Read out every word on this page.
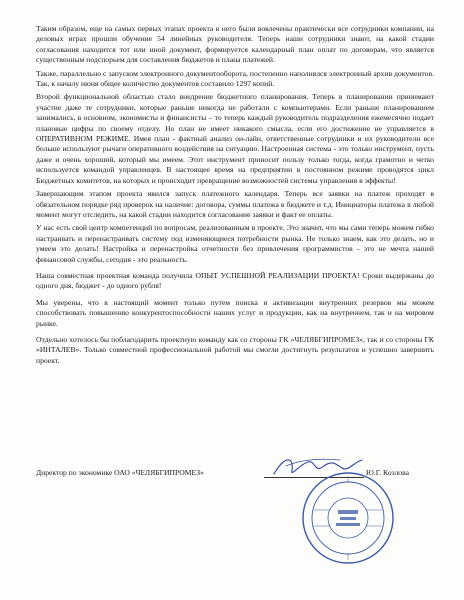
Таким образом, еще на самых первых этапах проекта в него были вовлечены практически все сотрудники компании, на деловых играх прошли обучение 54 линейных руководителя. Теперь наши сотрудники знают, на какой стадии согласования находится тот или иной документ, формируется календарный план оплат по договорам, что является существенным подспорьем для составления бюджетов и плана платежей.

Также, параллельно с запуском электронного документооборота, постепенно наполнялся электронный архив документов. Так, к началу июня общее количество документов составило 1297 копий.

Второй функциональной областью стало внедрение бюджетного планирования. Теперь в планировании принимают участие даже те сотрудники, которые раньше никогда не работали с компьютерами. Если раньше планированием занимались, в основном, экономисты и финансисты – то теперь каждый руководитель подразделения ежемесячно подает плановые цифры по своему отделу. Но план не имеет никакого смысла, если его достижение не управляется в ОПЕРАТИВНОМ РЕЖИМЕ. Имея план - фактный анализ он-лайн, ответственные сотрудники и их руководители все больше используют рычаги оперативного воздействия на ситуацию. Настроенная система - это только инструмент, пусть даже и очень хороший, который мы имеем. Этот инструмент приносит пользу только тогда, когда грамотно и четко используется командой управленцев. В настоящее время на предприятии в постоянном режиме проводятся цикл Бюджетных комитетов, на которых и происходит превращение возможностей системы управления в эффекты!

Завершающим этапом проекта явился запуск платежного календаря. Теперь все заявки на платеж проходят в обязательном порядке ряд проверок на наличие: договора, суммы платежа в бюджете и т.д. Инициаторы платежа в любой момент могут отследить, на какой стадии находится согласование заявки и факт ее оплаты.

У нас есть свой центр компетенций по вопросам, реализованным в проекте. Это значит, что мы сами теперь можем гибко настраивать и перенастраивать систему под изменяющиеся потребности рынка. Не только знаем, как это делать, но и умеем это делать! Настройка и перенастройка отчетности без привлечения программистов - это не мечта нашей финансовой службы, сегодня - это реальность.

Наша совместная проектная команда получила ОПЫТ УСПЕШНОЙ РЕАЛИЗАЦИИ ПРОЕКТА! Сроки выдержаны до одного дня, бюджет - до одного рубля!

Мы уверены, что в настоящий момент только путем поиска и активизации внутренних резервов мы можем способствовать повышению конкурентоспособности наших услуг и продукции, как на внутреннем, так и на мировом рынке.

Отдельно хотелось бы поблагодарить проектную команду как со стороны ГК «ЧЕЛЯБГИПРОМЕЗ», так и со стороны ГК «ИНТАЛЕВ». Только совместной профессиональной работой мы смогли достигнуть результатов и успешно завершить проект.

Директор по экономике ОАО «ЧЕЛЯБГИПРОМЕЗ»	Ю.Г. Козлова
